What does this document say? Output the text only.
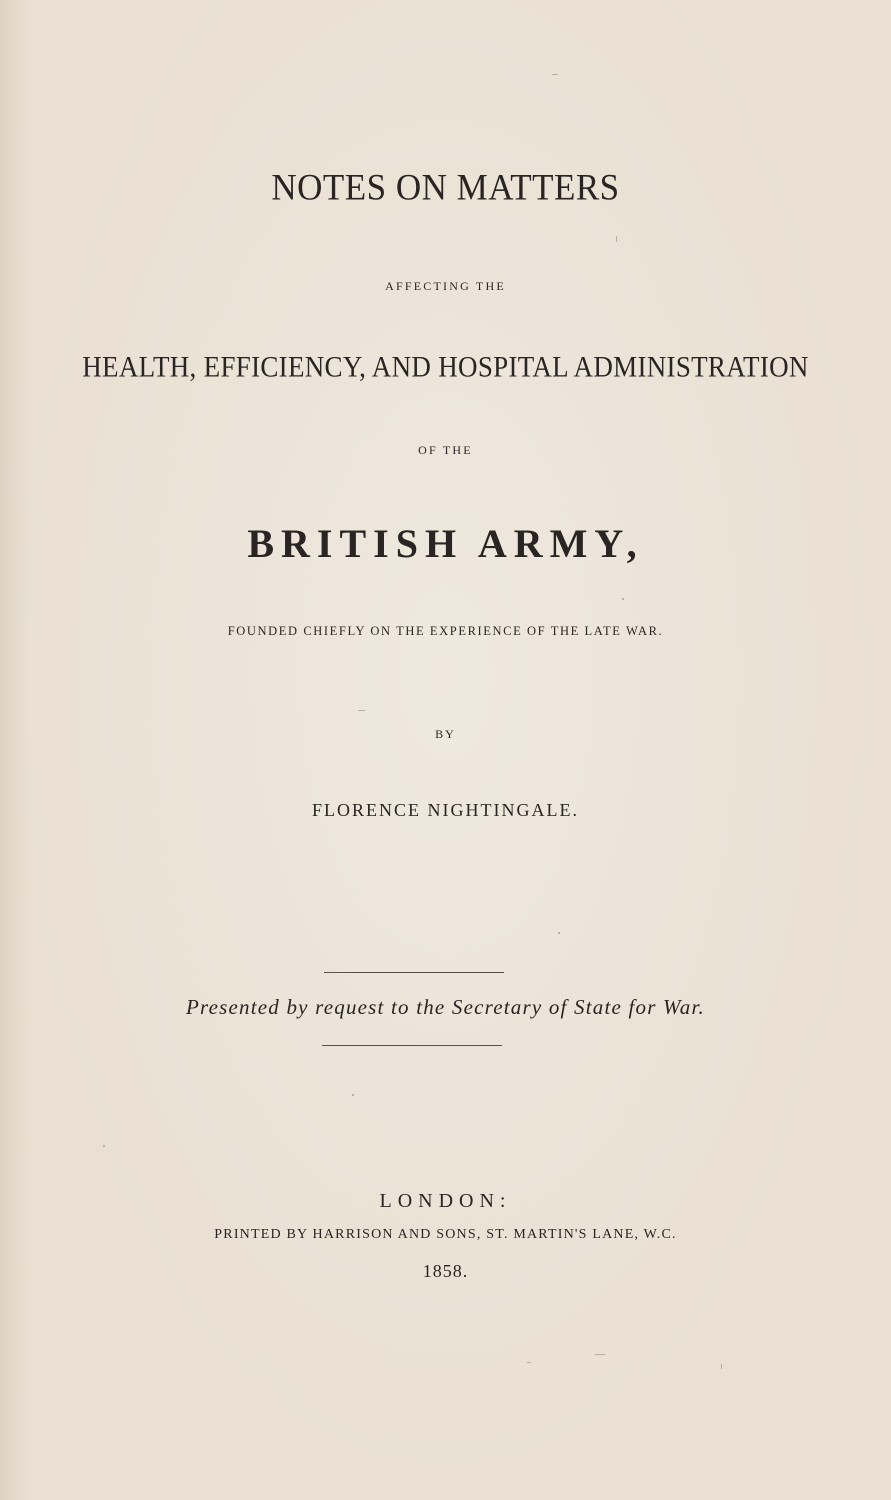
NOTES ON MATTERS
AFFECTING THE
HEALTH, EFFICIENCY, AND HOSPITAL ADMINISTRATION
OF THE
BRITISH ARMY,
FOUNDED CHIEFLY ON THE EXPERIENCE OF THE LATE WAR.
BY
FLORENCE NIGHTINGALE.
Presented by request to the Secretary of State for War.
LONDON:
PRINTED BY HARRISON AND SONS, ST. MARTIN'S LANE, W.C.
1858.
